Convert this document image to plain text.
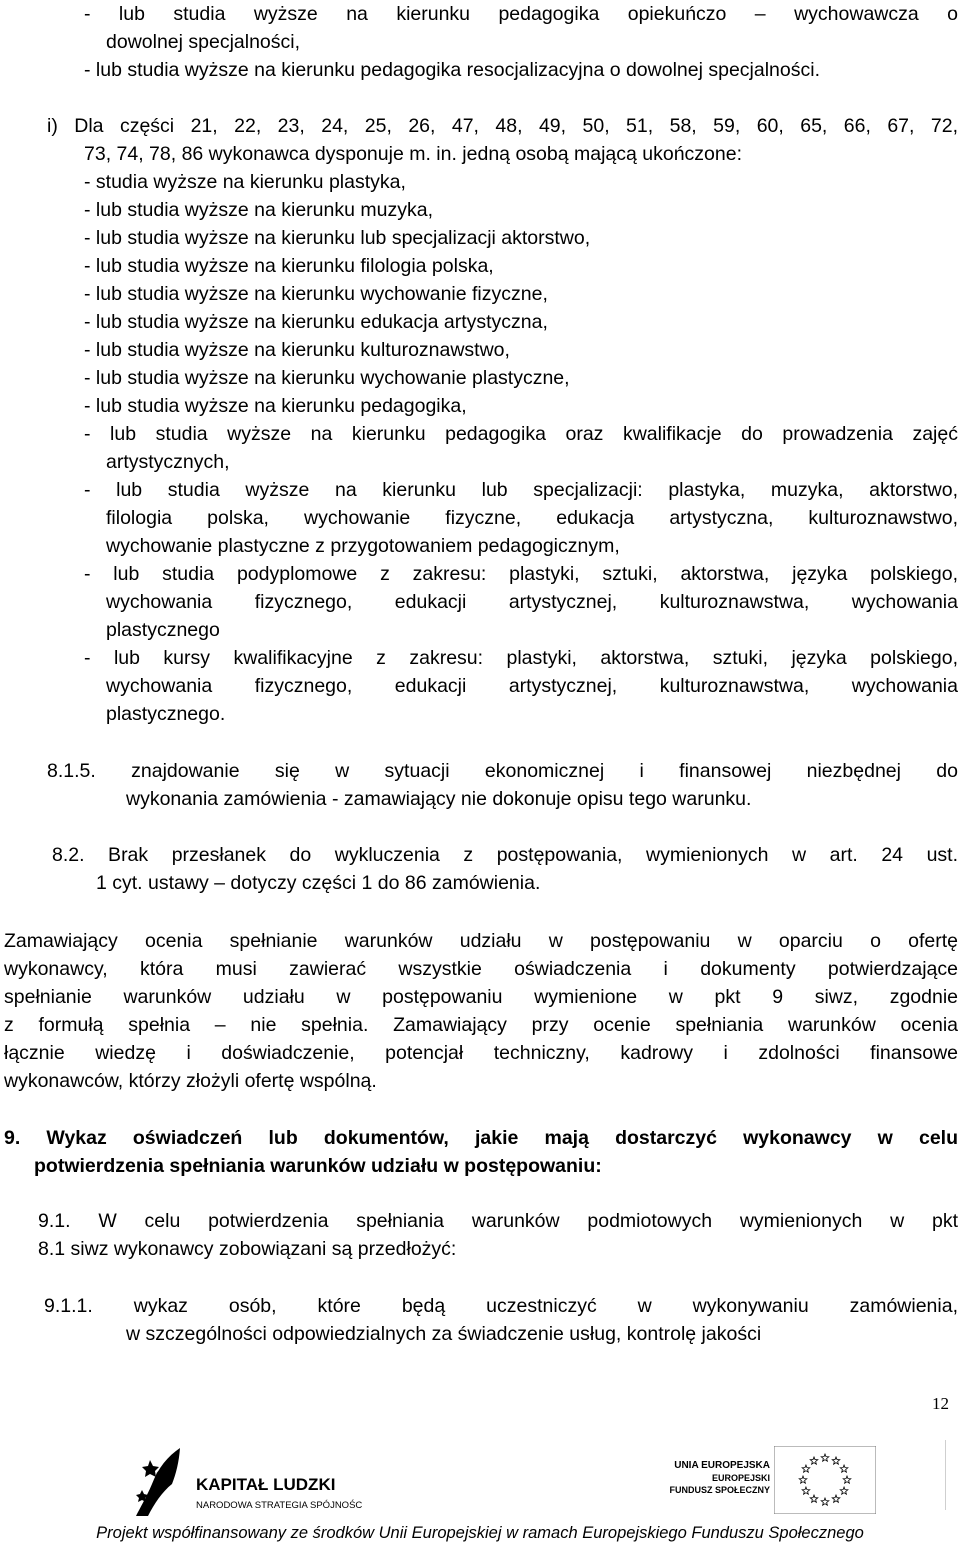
- lub studia wyższe na kierunku pedagogika opiekuńczo – wychowawcza o
dowolnej specjalności,
- lub studia wyższe na kierunku pedagogika resocjalizacyjna o dowolnej specjalności.
i) Dla części 21, 22, 23, 24, 25, 26, 47, 48, 49, 50, 51, 58, 59, 60, 65, 66, 67, 72,
73, 74, 78, 86 wykonawca dysponuje m. in. jedną osobą mającą ukończone:
- studia wyższe na kierunku plastyka,
- lub studia wyższe na kierunku muzyka,
- lub studia wyższe na kierunku lub specjalizacji aktorstwo,
- lub studia wyższe na kierunku filologia polska,
- lub studia wyższe na kierunku wychowanie fizyczne,
- lub studia wyższe na kierunku edukacja artystyczna,
- lub studia wyższe na kierunku kulturoznawstwo,
- lub studia wyższe na kierunku wychowanie plastyczne,
- lub studia wyższe na kierunku pedagogika,
- lub studia wyższe na kierunku pedagogika oraz kwalifikacje do prowadzenia zajęć
artystycznych,
- lub studia wyższe na kierunku lub specjalizacji: plastyka, muzyka, aktorstwo,
filologia polska, wychowanie fizyczne, edukacja artystyczna, kulturoznawstwo,
wychowanie plastyczne z przygotowaniem pedagogicznym,
- lub studia podyplomowe z zakresu: plastyki, sztuki, aktorstwa, języka polskiego,
wychowania fizycznego, edukacji artystycznej, kulturoznawstwa, wychowania
plastycznego
- lub kursy kwalifikacyjne z zakresu: plastyki, aktorstwa, sztuki, języka polskiego,
wychowania fizycznego, edukacji artystycznej, kulturoznawstwa, wychowania
plastycznego.
8.1.5. znajdowanie się w sytuacji ekonomicznej i finansowej niezbędnej do
wykonania zamówienia - zamawiający nie dokonuje opisu tego warunku.
8.2. Brak przesłanek do wykluczenia z postępowania, wymienionych w art. 24 ust.
1 cyt. ustawy – dotyczy części 1 do 86 zamówienia.
Zamawiający ocenia spełnianie warunków udziału w postępowaniu w oparciu o ofertę
wykonawcy, która musi zawierać wszystkie oświadczenia i dokumenty potwierdzające
spełnianie warunków udziału w postępowaniu wymienione w pkt 9 siwz, zgodnie
z formułą spełnia – nie spełnia. Zamawiający przy ocenie spełniania warunków ocenia
łącznie wiedzę i doświadczenie, potencjał techniczny, kadrowy i zdolności finansowe
wykonawców, którzy złożyli ofertę wspólną.
9. Wykaz oświadczeń lub dokumentów, jakie mają dostarczyć wykonawcy w celu
potwierdzenia spełniania warunków udziału w postępowaniu:
9.1. W celu potwierdzenia spełniania warunków podmiotowych wymienionych w pkt
8.1 siwz wykonawcy zobowiązani są przedłożyć:
9.1.1. wykaz osób, które będą uczestniczyć w wykonywaniu zamówienia,
w szczególności odpowiedzialnych za świadczenie usług, kontrolę jakości
12
KAPITAŁ LUDZKI
NARODOWA STRATEGIA SPÓJNOŚCI
UNIA EUROPEJSKA
EUROPEJSKI
FUNDUSZ SPOŁECZNY
Projekt współfinansowany ze środków Unii Europejskiej w ramach Europejskiego Funduszu Społecznego
